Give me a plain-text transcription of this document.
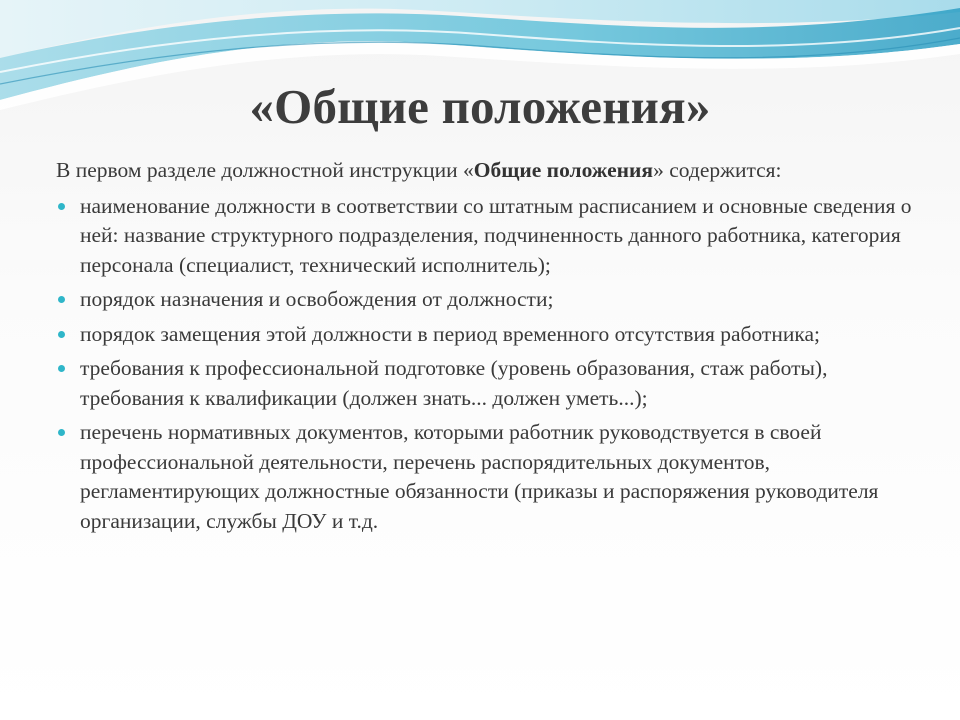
«Общие положения»

В первом разделе должностной инструкции «Общие положения» содержится:

наименование должности в соответствии со штатным расписанием и основные сведения о ней: название структурного подразделения, подчиненность данного работника, категория персонала (специалист, технический исполнитель);
порядок назначения и освобождения от должности;
порядок замещения этой должности в период временного отсутствия работника;
требования к профессиональной подготовке (уровень образования, стаж работы), требования к квалификации (должен знать... должен уметь...);
перечень нормативных документов, которыми работник руководствуется в своей профессиональной деятельности, перечень распорядительных документов, регламентирующих должностные обязанности (приказы и распоряжения руководителя организации, службы ДОУ и т.д.
